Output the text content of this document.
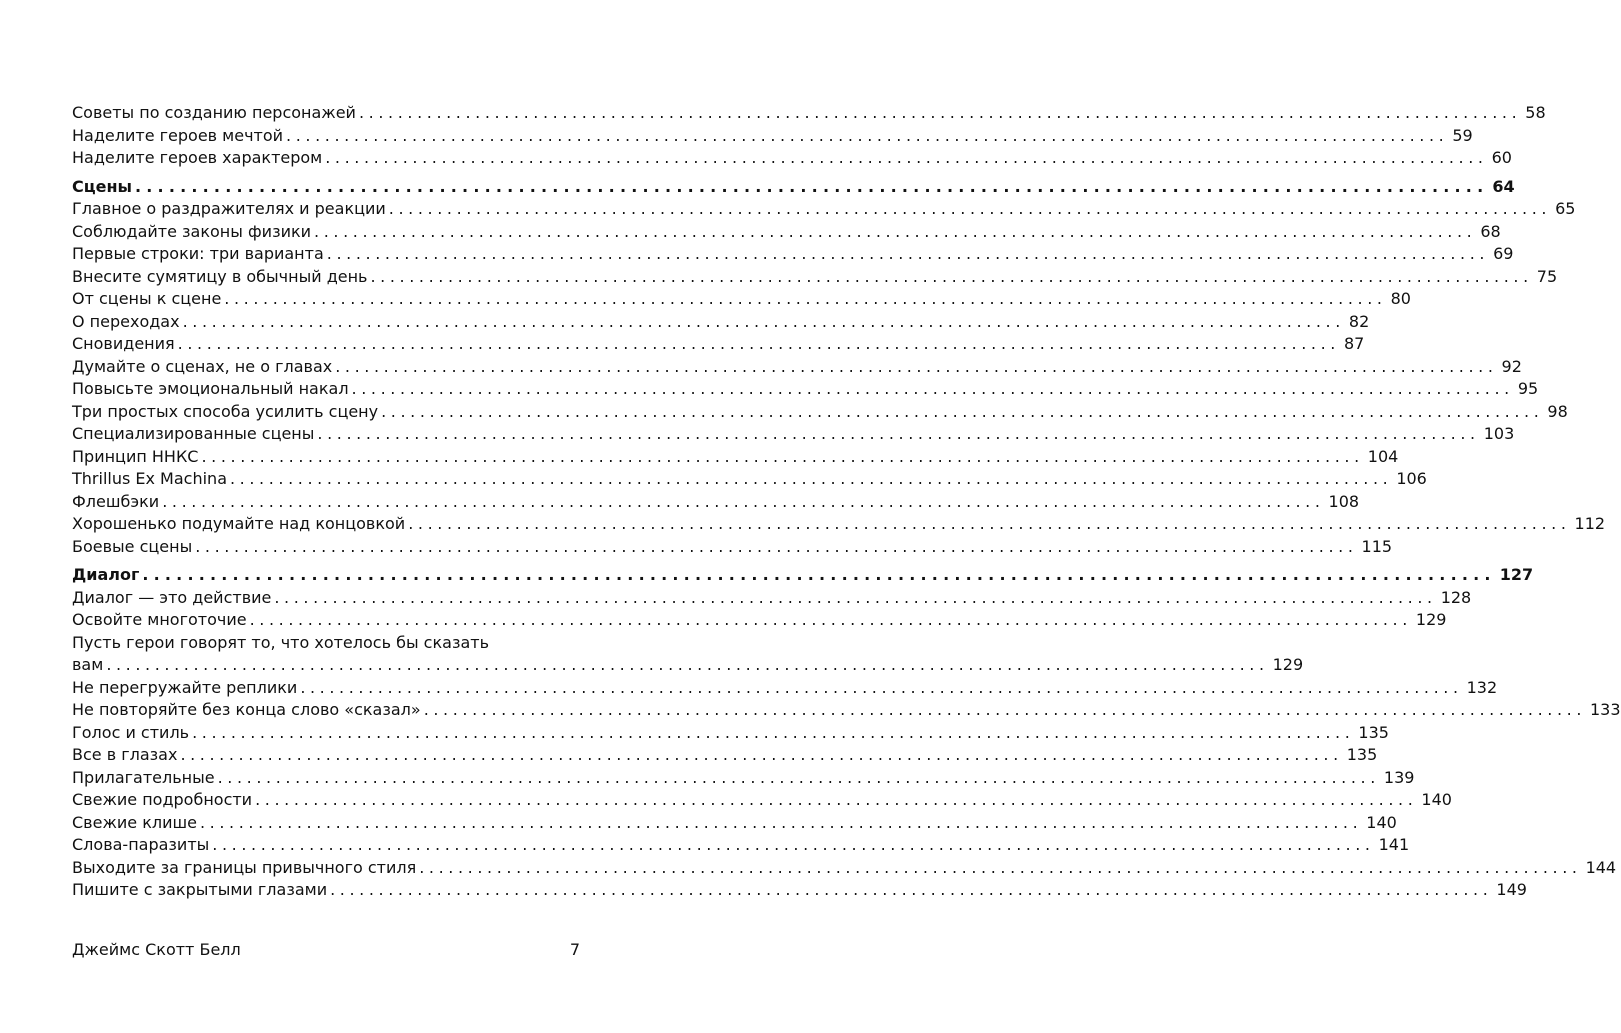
Советы по созданию персонажей ........................................................................................................................ 58
Наделите героев мечтой ........................................................................................................................ 59
Наделите героев характером ........................................................................................................................ 60
Сцены ........................................................................................................................ 64
Главное о раздражителях и реакции ........................................................................................................................ 65
Соблюдайте законы физики ........................................................................................................................ 68
Первые строки: три варианта ........................................................................................................................ 69
Внесите сумятицу в обычный день ........................................................................................................................ 75
От сцены к сцене ........................................................................................................................ 80
О переходах ........................................................................................................................ 82
Сновидения ........................................................................................................................ 87
Думайте о сценах, не о главах ........................................................................................................................ 92
Повысьте эмоциональный накал ........................................................................................................................ 95
Три простых способа усилить сцену ........................................................................................................................ 98
Специализированные сцены ........................................................................................................................ 103
Принцип ННКС ........................................................................................................................ 104
Thrillus Ex Machina ........................................................................................................................ 106
Флешбэки ........................................................................................................................ 108
Хорошенько подумайте над концовкой ........................................................................................................................ 112
Боевые сцены ........................................................................................................................ 115
Диалог ........................................................................................................................ 127
Диалог — это действие ........................................................................................................................ 128
Освойте многоточие ........................................................................................................................ 129
Пусть герои говорят то, что хотелось бы сказать
вам ........................................................................................................................ 129
Не перегружайте реплики ........................................................................................................................ 132
Не повторяйте без конца слово «сказал» ........................................................................................................................ 133
Голос и стиль ........................................................................................................................ 135
Все в глазах ........................................................................................................................ 135
Прилагательные ........................................................................................................................ 139
Свежие подробности ........................................................................................................................ 140
Свежие клише ........................................................................................................................ 140
Слова-паразиты ........................................................................................................................ 141
Выходите за границы привычного стиля ........................................................................................................................ 144
Пишите с закрытыми глазами ........................................................................................................................ 149
Джеймс Скотт Белл	7
